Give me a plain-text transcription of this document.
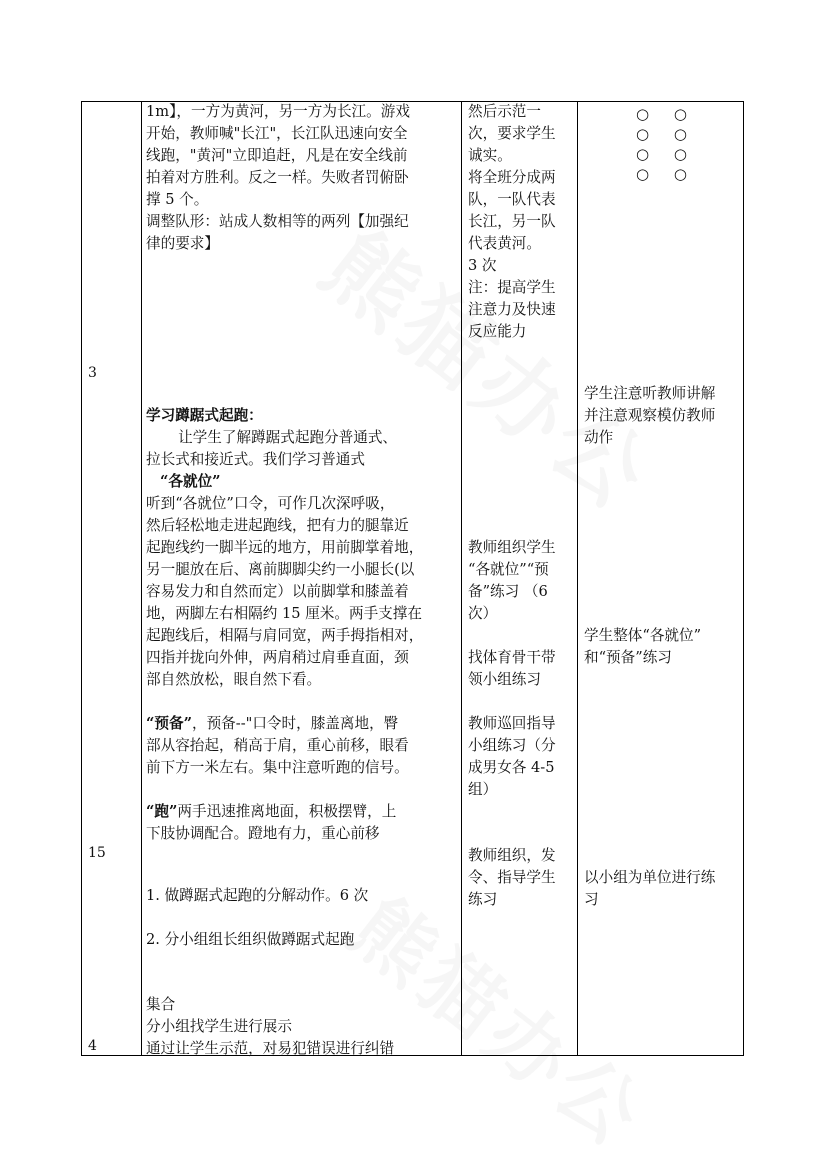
3
15
4

1m】，一方为黄河，另一方为长江。游戏

开始，教师喊"长江"，长江队迅速向安全

线跑，"黄河"立即追赶，凡是在安全线前

拍着对方胜利。反之一样。失败者罚俯卧

撑 5 个。

调整队形：站成人数相等的两列【加强纪

律的要求】

学习蹲踞式起跑：

让学生了解蹲踞式起跑分普通式、

拉长式和接近式。我们学习普通式

“各就位”

听到“各就位”口令，可作几次深呼吸，

然后轻松地走进起跑线，把有力的腿靠近

起跑线约一脚半远的地方，用前脚掌着地，

另一腿放在后、离前脚脚尖约一小腿长(以

容易发力和自然而定）以前脚掌和膝盖着

地，两脚左右相隔约 15 厘米。两手支撑在

起跑线后，相隔与肩同宽，两手拇指相对，

四指并拢向外伸，两肩稍过肩垂直面，颈

部自然放松，眼自然下看。

“预备”，预备--"口令时，膝盖离地，臀

部从容抬起，稍高于肩，重心前移，眼看

前下方一米左右。集中注意听跑的信号。

“跑”两手迅速推离地面，积极摆臂，上

下肢协调配合。蹬地有力，重心前移

1. 做蹲踞式起跑的分解动作。6 次
2. 分小组组长组织做蹲踞式起跑

集合

分小组找学生进行展示

通过让学生示范，对易犯错误进行纠错

然后示范一

次，要求学生

诚实。

将全班分成两

队，一队代表

长江，另一队

代表黄河。

3 次

注：提高学生

注意力及快速

反应能力

教师组织学生

“各就位”“预

备”练习 （6

次）

找体育骨干带

领小组练习

教师巡回指导

小组练习（分

成男女各 4-5

组）

教师组织，发

令、指导学生

练习

○ ○
○ ○
○ ○
○ ○

学生注意听教师讲解

并注意观察模仿教师

动作

学生整体“各就位”

和“预备”练习

以小组为单位进行练

习
